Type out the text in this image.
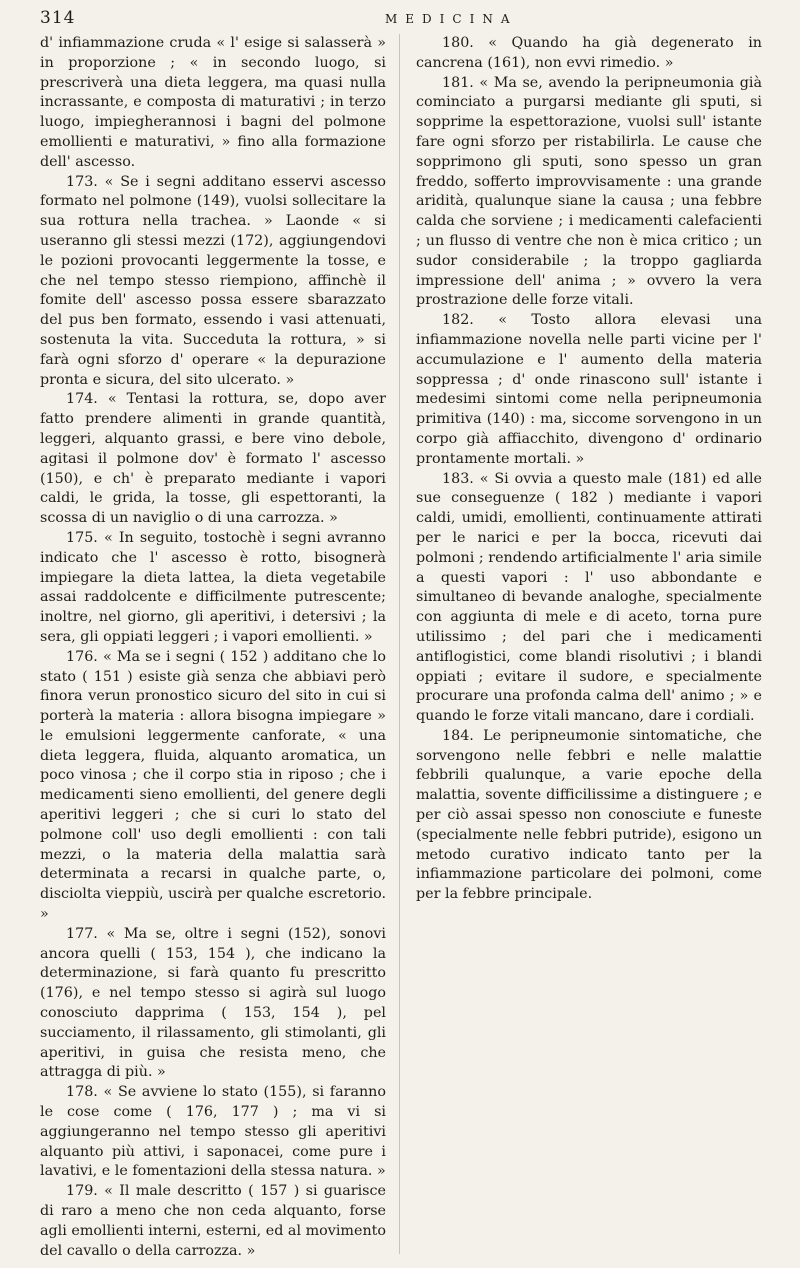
314	MEDICINA

d' infiammazione cruda « l' esige si salasserà » in proporzione ; « in secondo luogo, si prescriverà una dieta leggera, ma quasi nulla incrassante, e composta di maturativi ; in terzo luogo, impiegherannosi i bagni del polmone emollienti e maturativi, » fino alla formazione dell' ascesso.

173. « Se i segni additano esservi ascesso formato nel polmone (149), vuolsi sollecitare la sua rottura nella trachea. » Laonde « si useranno gli stessi mezzi (172), aggiungendovi le pozioni provocanti leggermente la tosse, e che nel tempo stesso riempiono, affinchè il fomite dell' ascesso possa essere sbarazzato del pus ben formato, essendo i vasi attenuati, sostenuta la vita. Succeduta la rottura, » si farà ogni sforzo d' operare « la depurazione pronta e sicura, del sito ulcerato. »

174. « Tentasi la rottura, se, dopo aver fatto prendere alimenti in grande quantità, leggeri, alquanto grassi, e bere vino debole, agitasi il polmone dov' è formato l' ascesso (150), e ch' è preparato mediante i vapori caldi, le grida, la tosse, gli espettoranti, la scossa di un naviglio o di una carrozza. »

175. « In seguito, tostochè i segni avranno indicato che l' ascesso è rotto, bisognerà impiegare la dieta lattea, la dieta vegetabile assai raddolcente e difficilmente putrescente; inoltre, nel giorno, gli aperitivi, i detersivi ; la sera, gli oppiati leggeri ; i vapori emollienti. »

176. « Ma se i segni ( 152 ) additano che lo stato ( 151 ) esiste già senza che abbiavi però finora verun pronostico sicuro del sito in cui si porterà la materia : allora bisogna impiegare » le emulsioni leggermente canforate, « una dieta leggera, fluida, alquanto aromatica, un poco vinosa ; che il corpo stia in riposo ; che i medicamenti sieno emollienti, del genere degli aperitivi leggeri ; che si curi lo stato del polmone coll' uso degli emollienti : con tali mezzi, o la materia della malattia sarà determinata a recarsi in qualche parte, o, disciolta vieppiù, uscirà per qualche escretorio. »

177. « Ma se, oltre i segni (152), sonovi ancora quelli ( 153, 154 ), che indicano la determinazione, si farà quanto fu prescritto (176), e nel tempo stesso si agirà sul luogo conosciuto dapprima ( 153, 154 ), pel succiamento, il rilassamento, gli stimolanti, gli aperitivi, in guisa che resista meno, che attragga di più. »

178. « Se avviene lo stato (155), si faranno le cose come ( 176, 177 ) ; ma vi si aggiungeranno nel tempo stesso gli aperitivi alquanto più attivi, i saponacei, come pure i lavativi, e le fomentazioni della stessa natura. »

179. « Il male descritto ( 157 ) si guarisce di raro a meno che non ceda alquanto, forse agli emollienti interni, esterni, ed al movimento del cavallo o della carrozza. »

180. « Quando ha già degenerato in cancrena (161), non evvi rimedio. »

181. « Ma se, avendo la peripneumonia già cominciato a purgarsi mediante gli sputi, si sopprime la espettorazione, vuolsi sull' istante fare ogni sforzo per ristabilirla. Le cause che sopprimono gli sputi, sono spesso un gran freddo, sofferto improvvisamente : una grande aridità, qualunque siane la causa ; una febbre calda che sorviene ; i medicamenti calefacienti ; un flusso di ventre che non è mica critico ; un sudor considerabile ; la troppo gagliarda impressione dell' anima ; » ovvero la vera prostrazione delle forze vitali.

182. « Tosto allora elevasi una infiammazione novella nelle parti vicine per l' accumulazione e l' aumento della materia soppressa ; d' onde rinascono sull' istante i medesimi sintomi come nella peripneumonia primitiva (140) : ma, siccome sorvengono in un corpo già affiacchito, divengono d' ordinario prontamente mortali. »

183. « Si ovvia a questo male (181) ed alle sue conseguenze ( 182 ) mediante i vapori caldi, umidi, emollienti, continuamente attirati per le narici e per la bocca, ricevuti dai polmoni ; rendendo artificialmente l' aria simile a questi vapori : l' uso abbondante e simultaneo di bevande analoghe, specialmente con aggiunta di mele e di aceto, torna pure utilissimo ; del pari che i medicamenti antiflogistici, come blandi risolutivi ; i blandi oppiati ; evitare il sudore, e specialmente procurare una profonda calma dell' animo ; » e quando le forze vitali mancano, dare i cordiali.

184. Le peripneumonie sintomatiche, che sorvengono nelle febbri e nelle malattie febbrili qualunque, a varie epoche della malattia, sovente difficilissime a distinguere ; e per ciò assai spesso non conosciute e funeste (specialmente nelle febbri putride), esigono un metodo curativo indicato tanto per la infiammazione particolare dei polmoni, come per la febbre principale.
